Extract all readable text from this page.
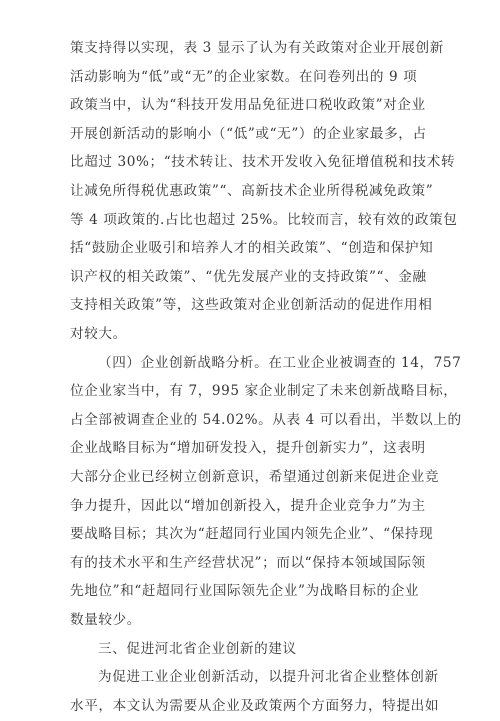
策支持得以实现，表 3 显示了认为有关政策对企业开展创新
活动影响为“低”或“无”的企业家数。在问卷列出的 9 项
政策当中，认为“科技开发用品免征进口税收政策”对企业
开展创新活动的影响小（“低”或“无”）的企业家最多，占
比超过 30%；“技术转让、技术开发收入免征增值税和技术转
让减免所得税优惠政策”“、高新技术企业所得税减免政策”
等 4 项政策的.占比也超过 25%。比较而言，较有效的政策包
括“鼓励企业吸引和培养人才的相关政策”、“创造和保护知
识产权的相关政策”、“优先发展产业的支持政策”“、金融
支持相关政策”等，这些政策对企业创新活动的促进作用相
对较大。
（四）企业创新战略分析。在工业企业被调查的 14，757
位企业家当中，有 7，995 家企业制定了未来创新战略目标，
占全部被调查企业的 54.02%。从表 4 可以看出，半数以上的
企业战略目标为“增加研发投入，提升创新实力”，这表明
大部分企业已经树立创新意识，希望通过创新来促进企业竞
争力提升，因此以“增加创新投入，提升企业竞争力”为主
要战略目标；其次为“赶超同行业国内领先企业”、“保持现
有的技术水平和生产经营状况”；而以“保持本领域国际领
先地位”和“赶超同行业国际领先企业”为战略目标的企业
数量较少。
三、促进河北省企业创新的建议
为促进工业企业创新活动，以提升河北省企业整体创新
水平，本文认为需要从企业及政策两个方面努力，特提出如
